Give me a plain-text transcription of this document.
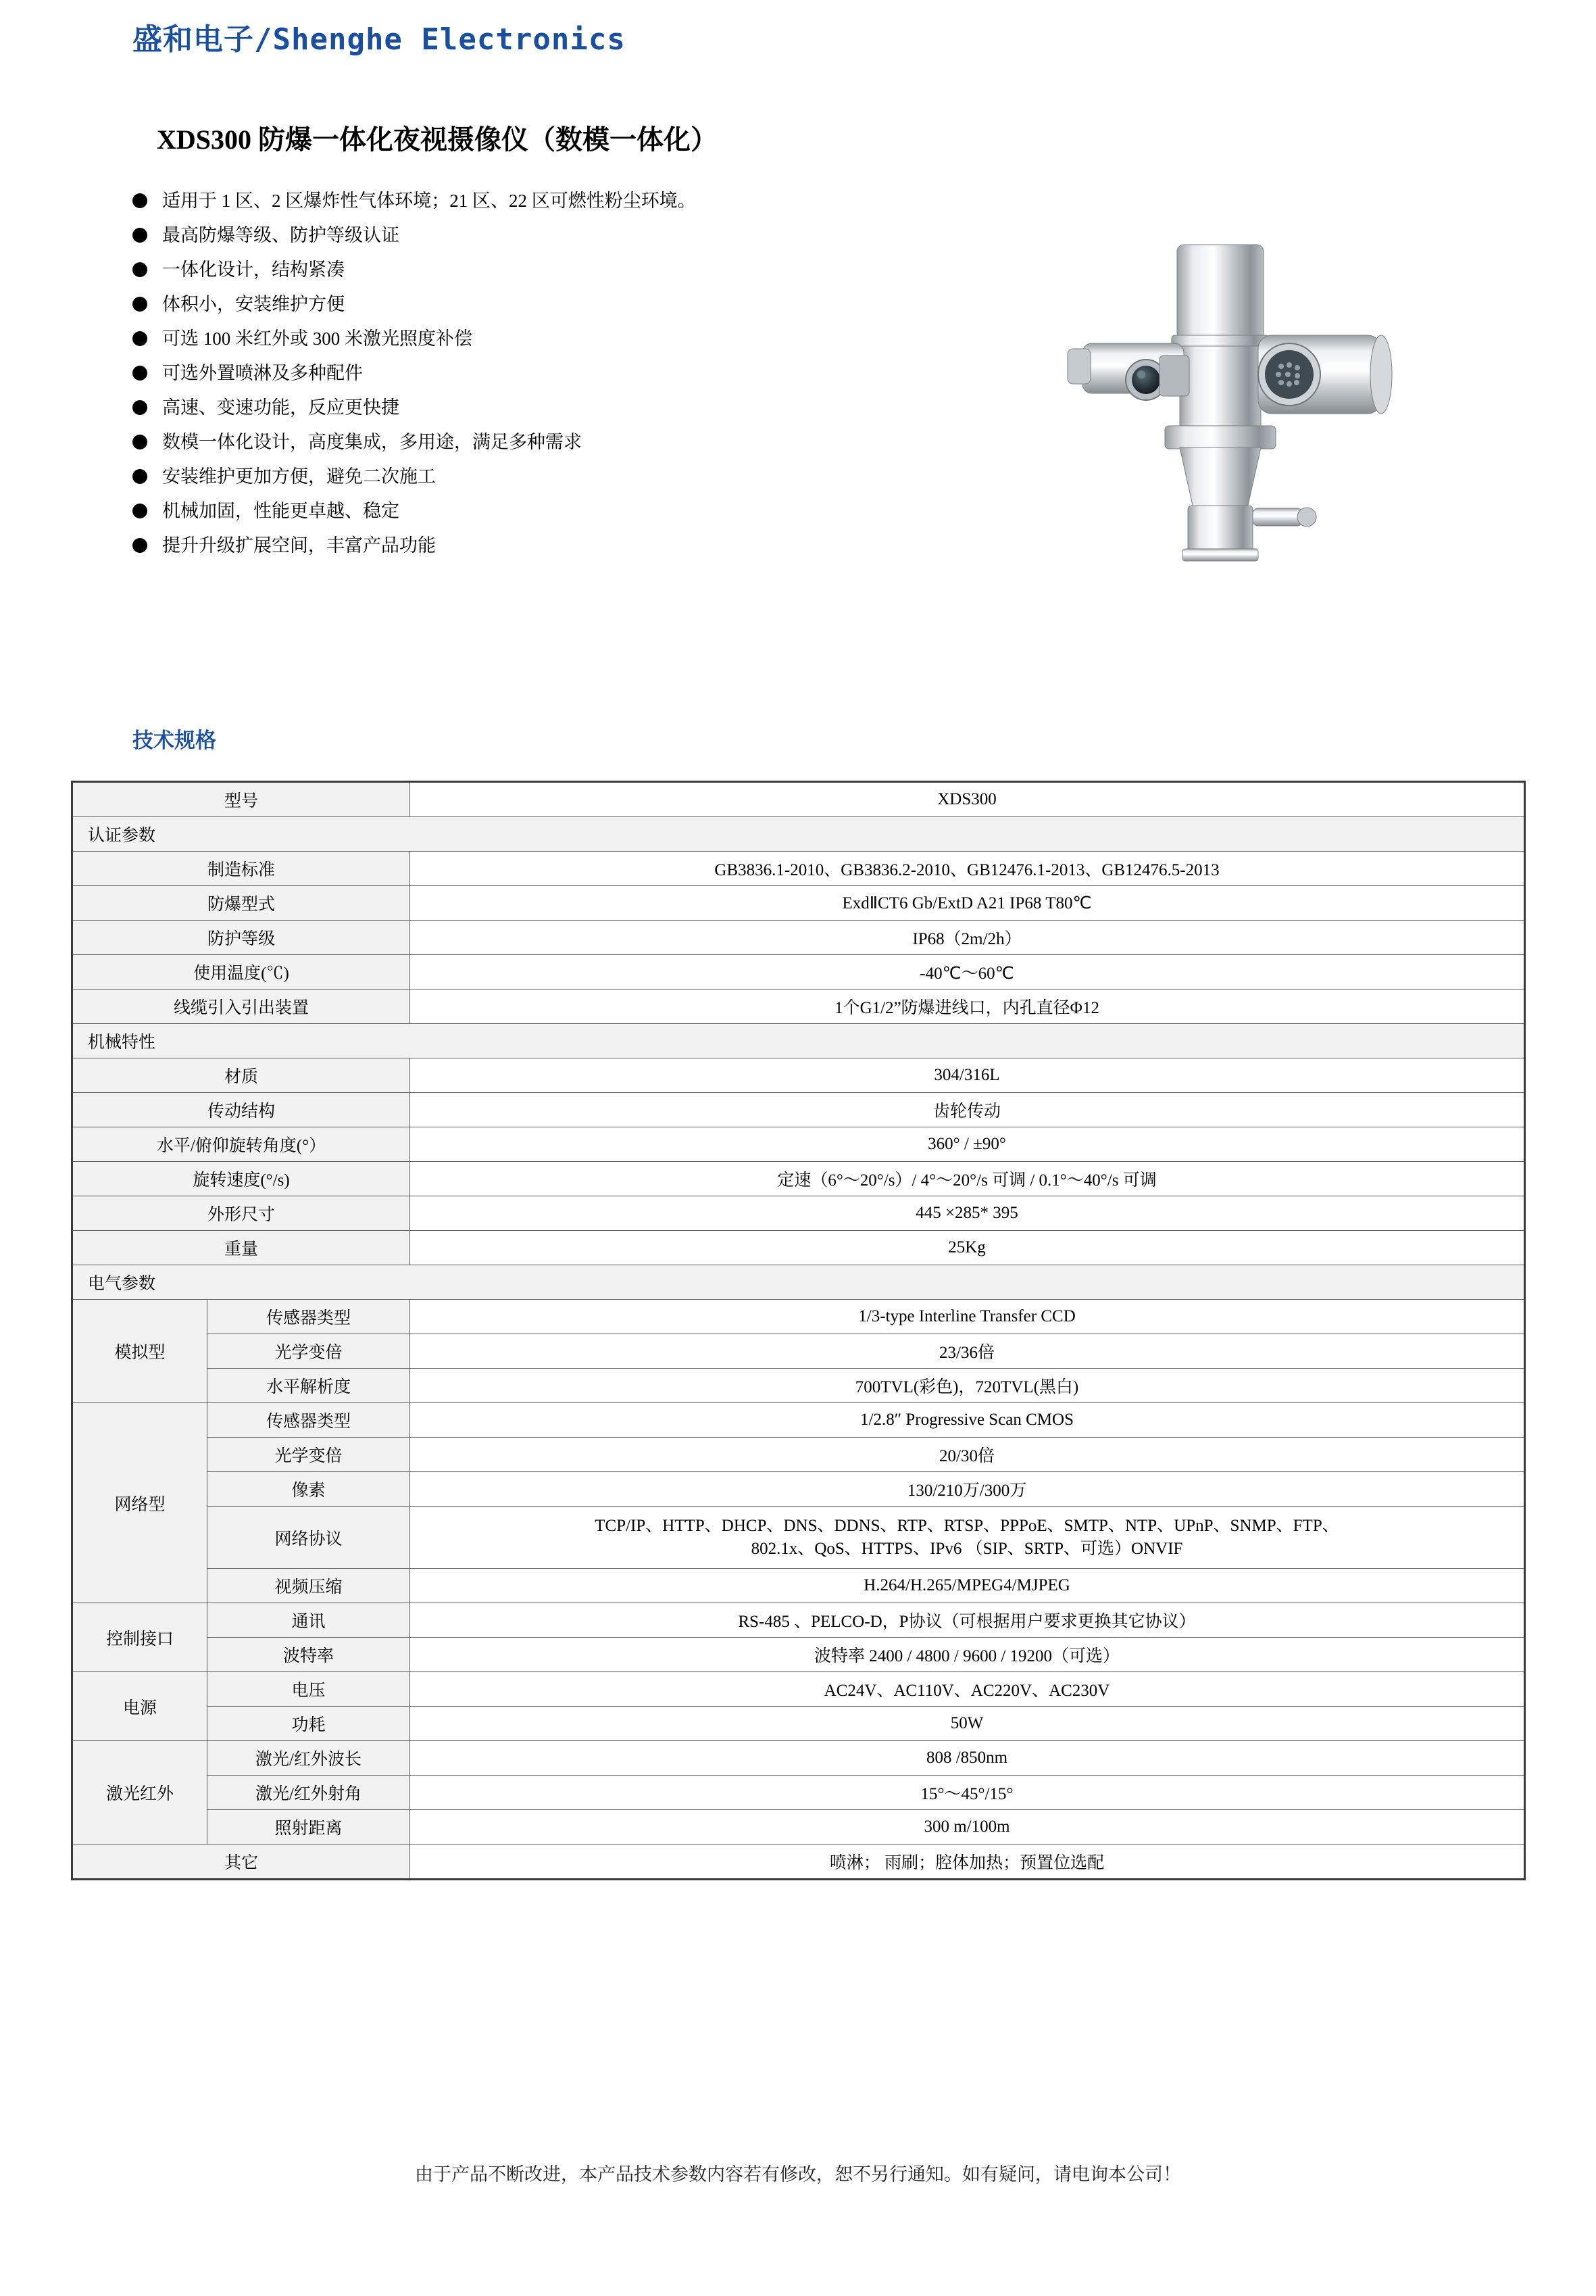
盛和电子/Shenghe Electronics
XDS300 防爆一体化夜视摄像仪（数模一体化）
适用于 1 区、2 区爆炸性气体环境；21 区、22 区可燃性粉尘环境。
最高防爆等级、防护等级认证
一体化设计，结构紧凑
体积小，安装维护方便
可选 100 米红外或 300 米激光照度补偿
可选外置喷淋及多种配件
高速、变速功能，反应更快捷
数模一体化设计，高度集成，多用途，满足多种需求
安装维护更加方便，避免二次施工
机械加固，性能更卓越、稳定
提升升级扩展空间，丰富产品功能
技术规格
型号		XDS300
认证参数		
制造标准		GB3836.1-2010、GB3836.2-2010、GB12476.1-2013、GB12476.5-2013
防爆型式		ExdⅡCT6 Gb/ExtD A21 IP68 T80℃
防护等级		IP68（2m/2h）
使用温度(℃)		-40℃～60℃
线缆引入引出装置		1个G1/2”防爆进线口，内孔直径Φ12
机械特性		
材质		304/316L
传动结构		齿轮传动
水平/俯仰旋转角度(°）		360° / ±90°
旋转速度(°/s)		定速（6°～20°/s）/ 4°～20°/s 可调 / 0.1°～40°/s 可调
外形尺寸		445 ×285* 395
重量		25Kg
电气参数		
模拟型	传感器类型	1/3-type Interline Transfer CCD
	光学变倍	23/36倍
	水平解析度	700TVL(彩色)，720TVL(黑白)
网络型	传感器类型	1/2.8″ Progressive Scan CMOS
	光学变倍	20/30倍
	像素	130/210万/300万
	网络协议	TCP/IP、HTTP、DHCP、DNS、DDNS、RTP、RTSP、PPPoE、SMTP、NTP、UPnP、SNMP、FTP、
802.1x、QoS、HTTPS、IPv6 （SIP、SRTP、可选）ONVIF

	视频压缩	H.264/H.265/MPEG4/MJPEG
控制接口	通讯	RS-485 、PELCO-D，P协议（可根据用户要求更换其它协议）
	波特率	波特率 2400 / 4800 / 9600 / 19200（可选）
电源	电压	AC24V、AC110V、AC220V、AC230V
	功耗	50W
激光红外	激光/红外波长	808 /850nm
	激光/红外射角	15°～45°/15°
	照射距离	300 m/100m
其它		喷淋； 雨刷；腔体加热；预置位选配
由于产品不断改进，本产品技术参数内容若有修改，恕不另行通知。如有疑问，请电询本公司！
